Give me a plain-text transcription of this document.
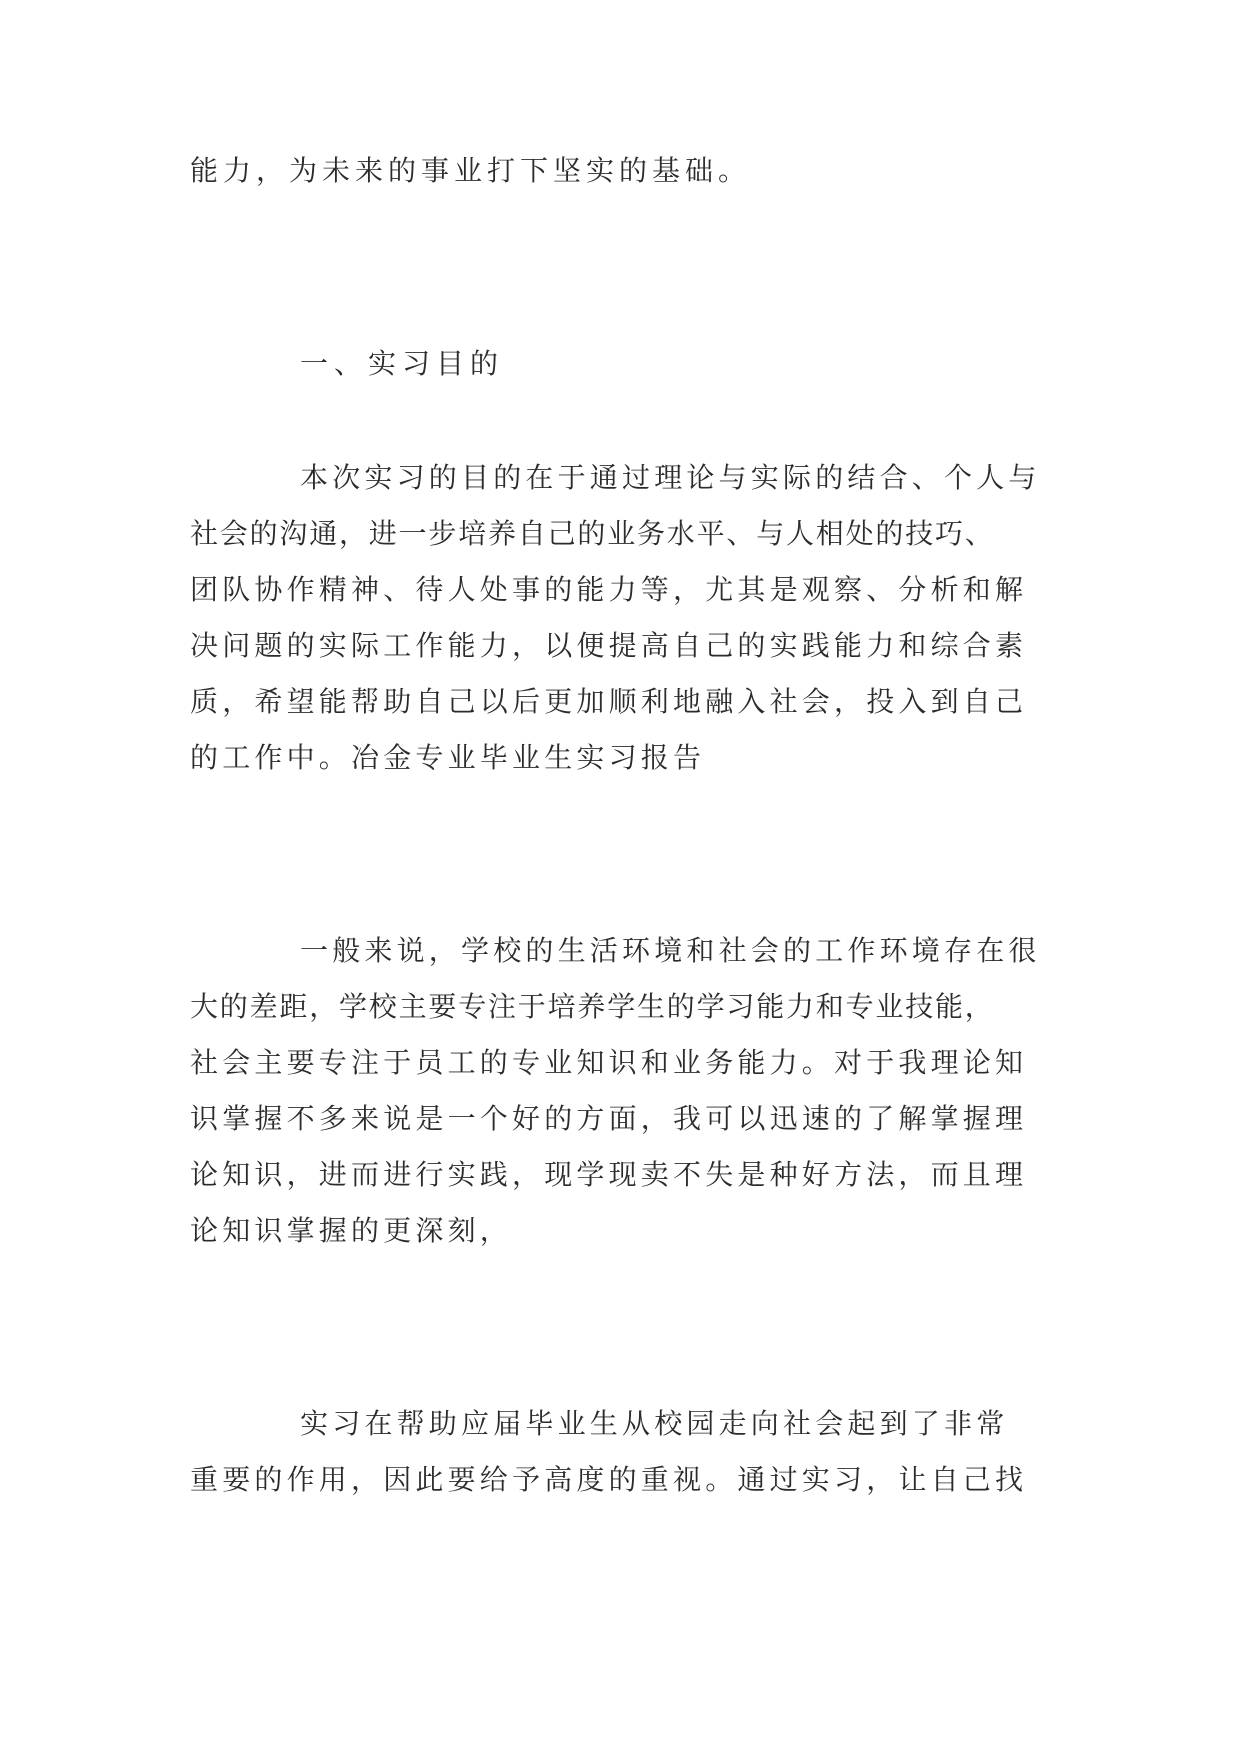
能力，为未来的事业打下坚实的基础。
一、实习目的
本次实习的目的在于通过理论与实际的结合、个人与
社会的沟通，进一步培养自己的业务水平、与人相处的技巧、
团队协作精神、待人处事的能力等，尤其是观察、分析和解
决问题的实际工作能力，以便提高自己的实践能力和综合素
质，希望能帮助自己以后更加顺利地融入社会，投入到自己
的工作中。冶金专业毕业生实习报告
一般来说，学校的生活环境和社会的工作环境存在很
大的差距，学校主要专注于培养学生的学习能力和专业技能，
社会主要专注于员工的专业知识和业务能力。对于我理论知
识掌握不多来说是一个好的方面，我可以迅速的了解掌握理
论知识，进而进行实践，现学现卖不失是种好方法，而且理
论知识掌握的更深刻，
实习在帮助应届毕业生从校园走向社会起到了非常
重要的作用，因此要给予高度的重视。通过实习，让自己找
